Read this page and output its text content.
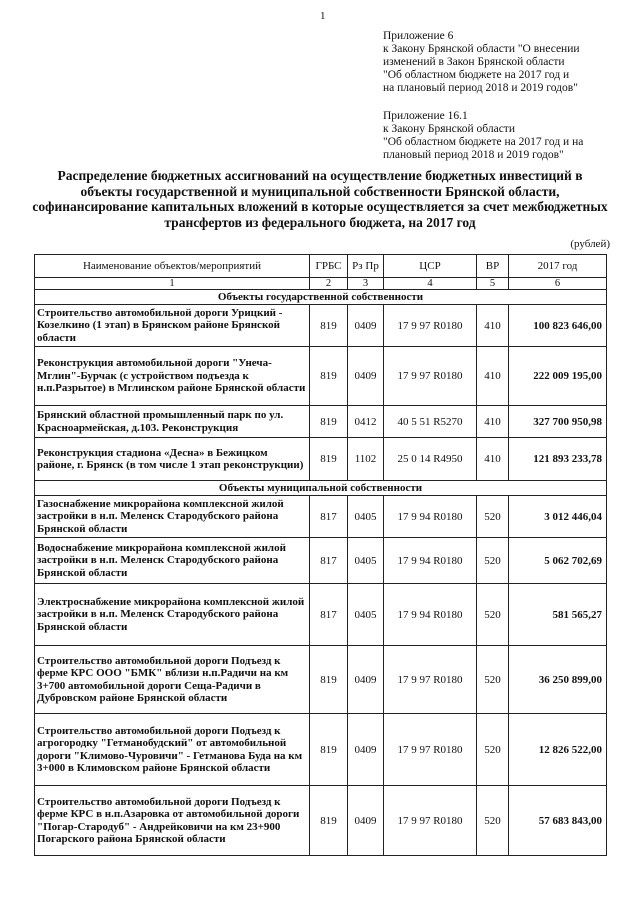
1
Приложение 6
к Закону Брянской области "О внесении
изменений в Закон Брянской области
"Об областном бюджете на 2017 год и
на плановый период 2018 и 2019 годов"
Приложение 16.1
к Закону Брянской области
"Об областном бюджете на 2017 год и на
плановый период 2018 и 2019 годов"
Распределение бюджетных ассигнований на осуществление бюджетных инвестиций в объекты государственной и муниципальной собственности Брянской области, софинансирование капитальных вложений в которые осуществляется за счет межбюджетных трансфертов из федерального бюджета, на 2017 год
(рублей)
Наименование объектов/мероприятий	ГРБС	Рз Пр	ЦСР	ВР	2017 год
1	2	3	4	5	6
Объекты государственной собственности					
Строительство автомобильной дороги Урицкий - Козелкино (1 этап) в Брянском районе Брянской области	819	0409	17 9 97 R0180	410	100 823 646,00
Реконструкция автомобильной дороги "Унеча-Мглин"-Бурчак (с устройством подъезда к н.п.Разрытое) в Мглинском районе Брянской области	819	0409	17 9 97 R0180	410	222 009 195,00
Брянский областной промышленный парк по ул. Красноармейская, д.103. Реконструкция	819	0412	40 5 51 R5270	410	327 700 950,98
Реконструкция стадиона «Десна» в Бежицком районе, г. Брянск (в том числе 1 этап реконструкции)	819	1102	25 0 14 R4950	410	121 893 233,78
Объекты муниципальной собственности					
Газоснабжение микрорайона комплексной жилой застройки в н.п. Меленск Стародубского района Брянской области	817	0405	17 9 94 R0180	520	3 012 446,04
Водоснабжение микрорайона комплексной жилой застройки в н.п. Меленск Стародубского района Брянской области	817	0405	17 9 94 R0180	520	5 062 702,69
Электроснабжение микрорайона комплексной жилой застройки в н.п. Меленск Стародубского района Брянской области	817	0405	17 9 94 R0180	520	581 565,27
Строительство автомобильной дороги Подъезд к ферме КРС ООО "БМК" вблизи н.п.Радичи на км 3+700 автомобильной дороги Сеща-Радичи в Дубровском районе Брянской области	819	0409	17 9 97 R0180	520	36 250 899,00
Строительство автомобильной дороги Подъезд к агрогородку "Гетманобудский" от автомобильной дороги "Климово-Чуровичи" - Гетманова Буда на км 3+000 в Климовском районе Брянской области	819	0409	17 9 97 R0180	520	12 826 522,00
Строительство автомобильной дороги Подъезд к ферме КРС в н.п.Азаровка от автомобильной дороги "Погар-Стародуб" - Андрейковичи на км 23+900 Погарского района Брянской области	819	0409	17 9 97 R0180	520	57 683 843,00
